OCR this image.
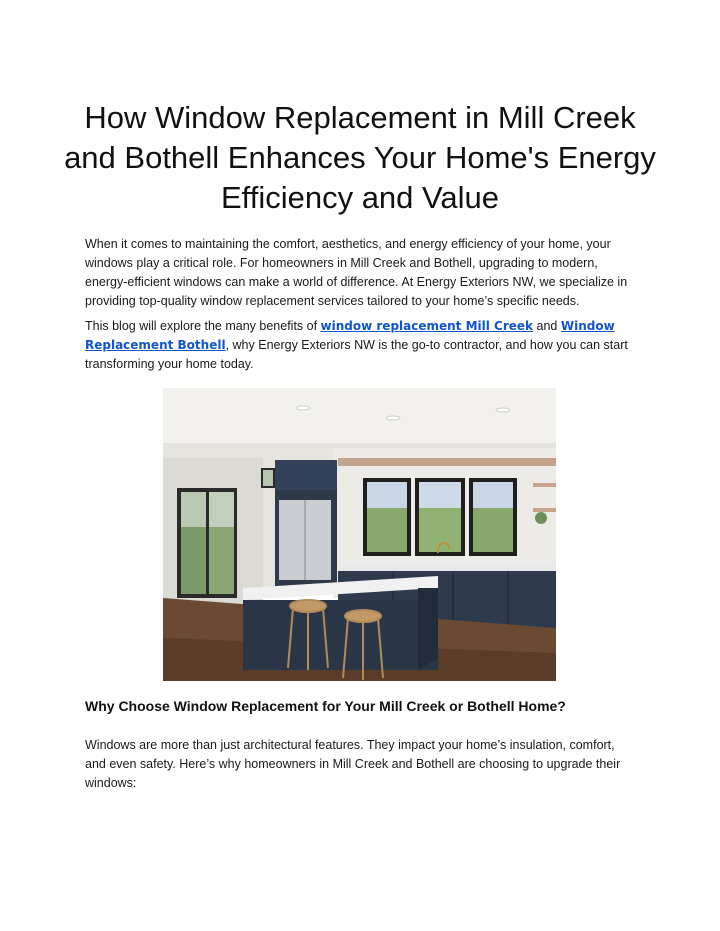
How Window Replacement in Mill Creek and Bothell Enhances Your Home's Energy Efficiency and Value

When it comes to maintaining the comfort, aesthetics, and energy efficiency of your home, your windows play a critical role. For homeowners in Mill Creek and Bothell, upgrading to modern, energy-efficient windows can make a world of difference. At Energy Exteriors NW, we specialize in providing top-quality window replacement services tailored to your home’s specific needs.

This blog will explore the many benefits of window replacement Mill Creek and Window Replacement Bothell, why Energy Exteriors NW is the go-to contractor, and how you can start transforming your home today.

Why Choose Window Replacement for Your Mill Creek or Bothell Home?

Windows are more than just architectural features. They impact your home’s insulation, comfort, and even safety. Here’s why homeowners in Mill Creek and Bothell are choosing to upgrade their windows:
